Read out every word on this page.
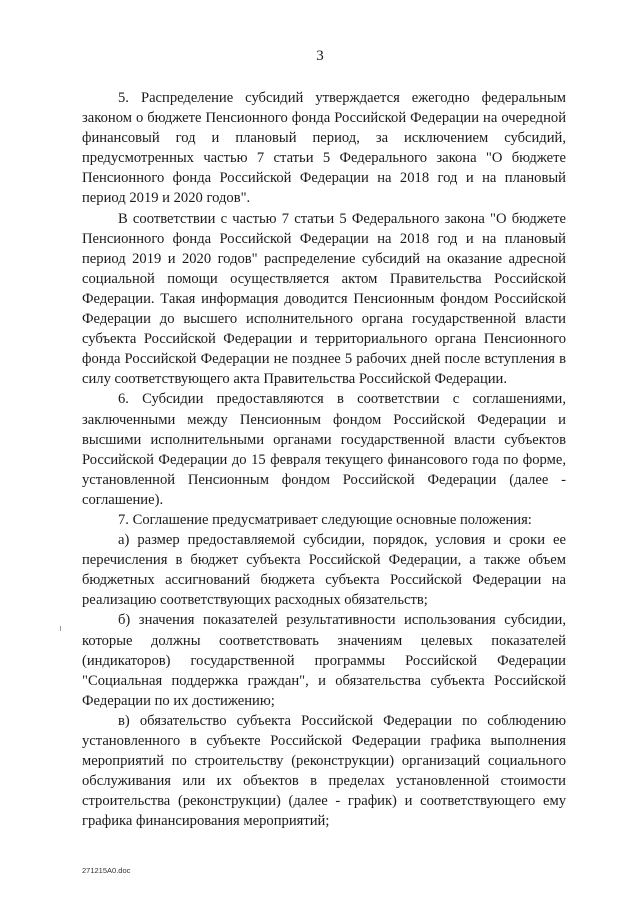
3

5. Распределение субсидий утверждается ежегодно федеральным законом о бюджете Пенсионного фонда Российской Федерации на очередной финансовый год и плановый период, за исключением субсидий, предусмотренных частью 7 статьи 5 Федерального закона "О бюджете Пенсионного фонда Российской Федерации на 2018 год и на плановый период 2019 и 2020 годов".

В соответствии с частью 7 статьи 5 Федерального закона "О бюджете Пенсионного фонда Российской Федерации на 2018 год и на плановый период 2019 и 2020 годов" распределение субсидий на оказание адресной социальной помощи осуществляется актом Правительства Российской Федерации. Такая информация доводится Пенсионным фондом Российской Федерации до высшего исполнительного органа государственной власти субъекта Российской Федерации и территориального органа Пенсионного фонда Российской Федерации не позднее 5 рабочих дней после вступления в силу соответствующего акта Правительства Российской Федерации.

6. Субсидии предоставляются в соответствии с соглашениями, заключенными между Пенсионным фондом Российской Федерации и высшими исполнительными органами государственной власти субъектов Российской Федерации до 15 февраля текущего финансового года по форме, установленной Пенсионным фондом Российской Федерации (далее - соглашение).

7. Соглашение предусматривает следующие основные положения:

а) размер предоставляемой субсидии, порядок, условия и сроки ее перечисления в бюджет субъекта Российской Федерации, а также объем бюджетных ассигнований бюджета субъекта Российской Федерации на реализацию соответствующих расходных обязательств;

б) значения показателей результативности использования субсидии, которые должны соответствовать значениям целевых показателей (индикаторов) государственной программы Российской Федерации "Социальная поддержка граждан", и обязательства субъекта Российской Федерации по их достижению;

в) обязательство субъекта Российской Федерации по соблюдению установленного в субъекте Российской Федерации графика выполнения мероприятий по строительству (реконструкции) организаций социального обслуживания или их объектов в пределах установленной стоимости строительства (реконструкции) (далее - график) и соответствующего ему графика финансирования мероприятий;

271215A0.doc
